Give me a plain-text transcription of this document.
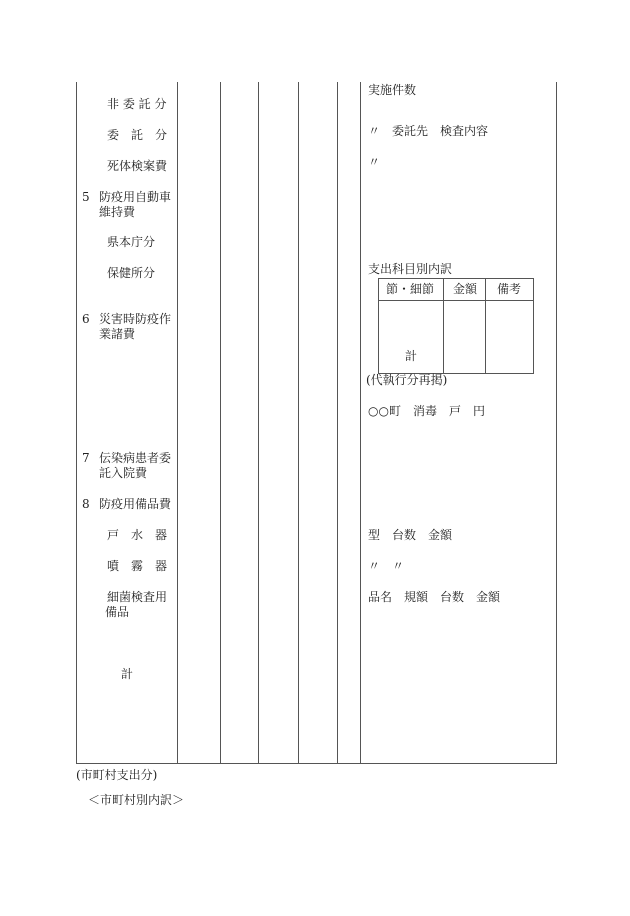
非 委 託 分
委　託　分
死体検案費
5 防疫用自動車
維持費
県本庁分
保健所分
6 災害時防疫作
業諸費
7 伝染病患者委
託入院費
8 防疫用備品費
戸　水　器
噴　霧　器
細菌検査用
備品
計
実施件数
〃　委託先　検査内容
〃
支出科目別内訳
節・細節 金額 備考
計
(代執行分再掲)
○○町　消毒　戸　円
型　台数　金額
〃　〃
品名　規額　台数　金額
(市町村支出分)
＜市町村別内訳＞
